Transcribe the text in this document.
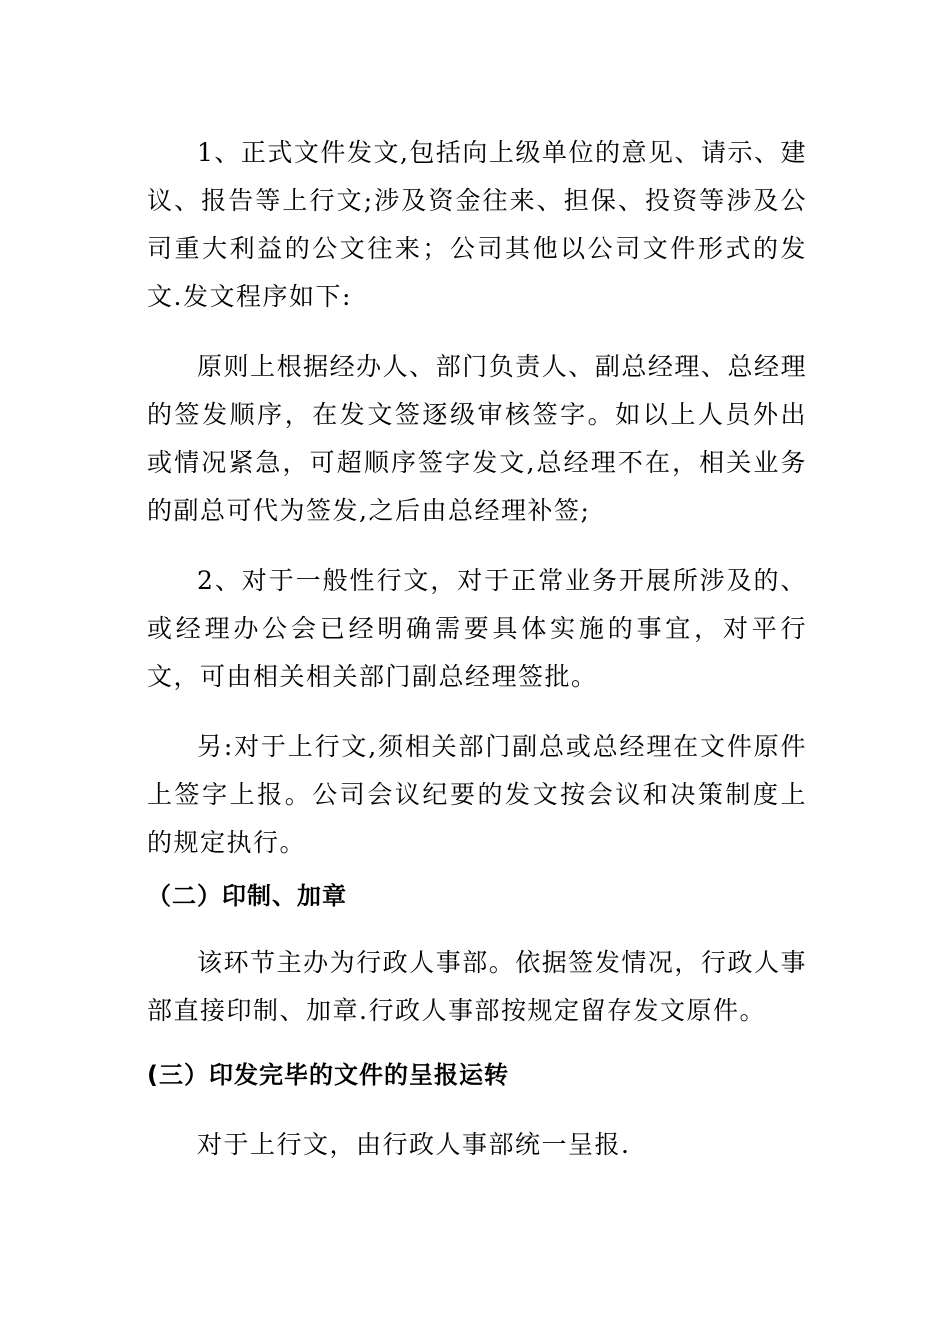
1、正式文件发文,包括向上级单位的意见、请示、建议、报告等上行文;涉及资金往来、担保、投资等涉及公司重大利益的公文往来；公司其他以公司文件形式的发文.发文程序如下:

原则上根据经办人、部门负责人、副总经理、总经理的签发顺序，在发文签逐级审核签字。如以上人员外出或情况紧急，可超顺序签字发文,总经理不在，相关业务的副总可代为签发,之后由总经理补签;

2、对于一般性行文，对于正常业务开展所涉及的、或经理办公会已经明确需要具体实施的事宜，对平行文，可由相关相关部门副总经理签批。

另:对于上行文,须相关部门副总或总经理在文件原件上签字上报。公司会议纪要的发文按会议和决策制度上的规定执行。

（二）印制、加章

该环节主办为行政人事部。依据签发情况，行政人事部直接印制、加章.行政人事部按规定留存发文原件。

(三）印发完毕的文件的呈报运转

对于上行文，由行政人事部统一呈报.
